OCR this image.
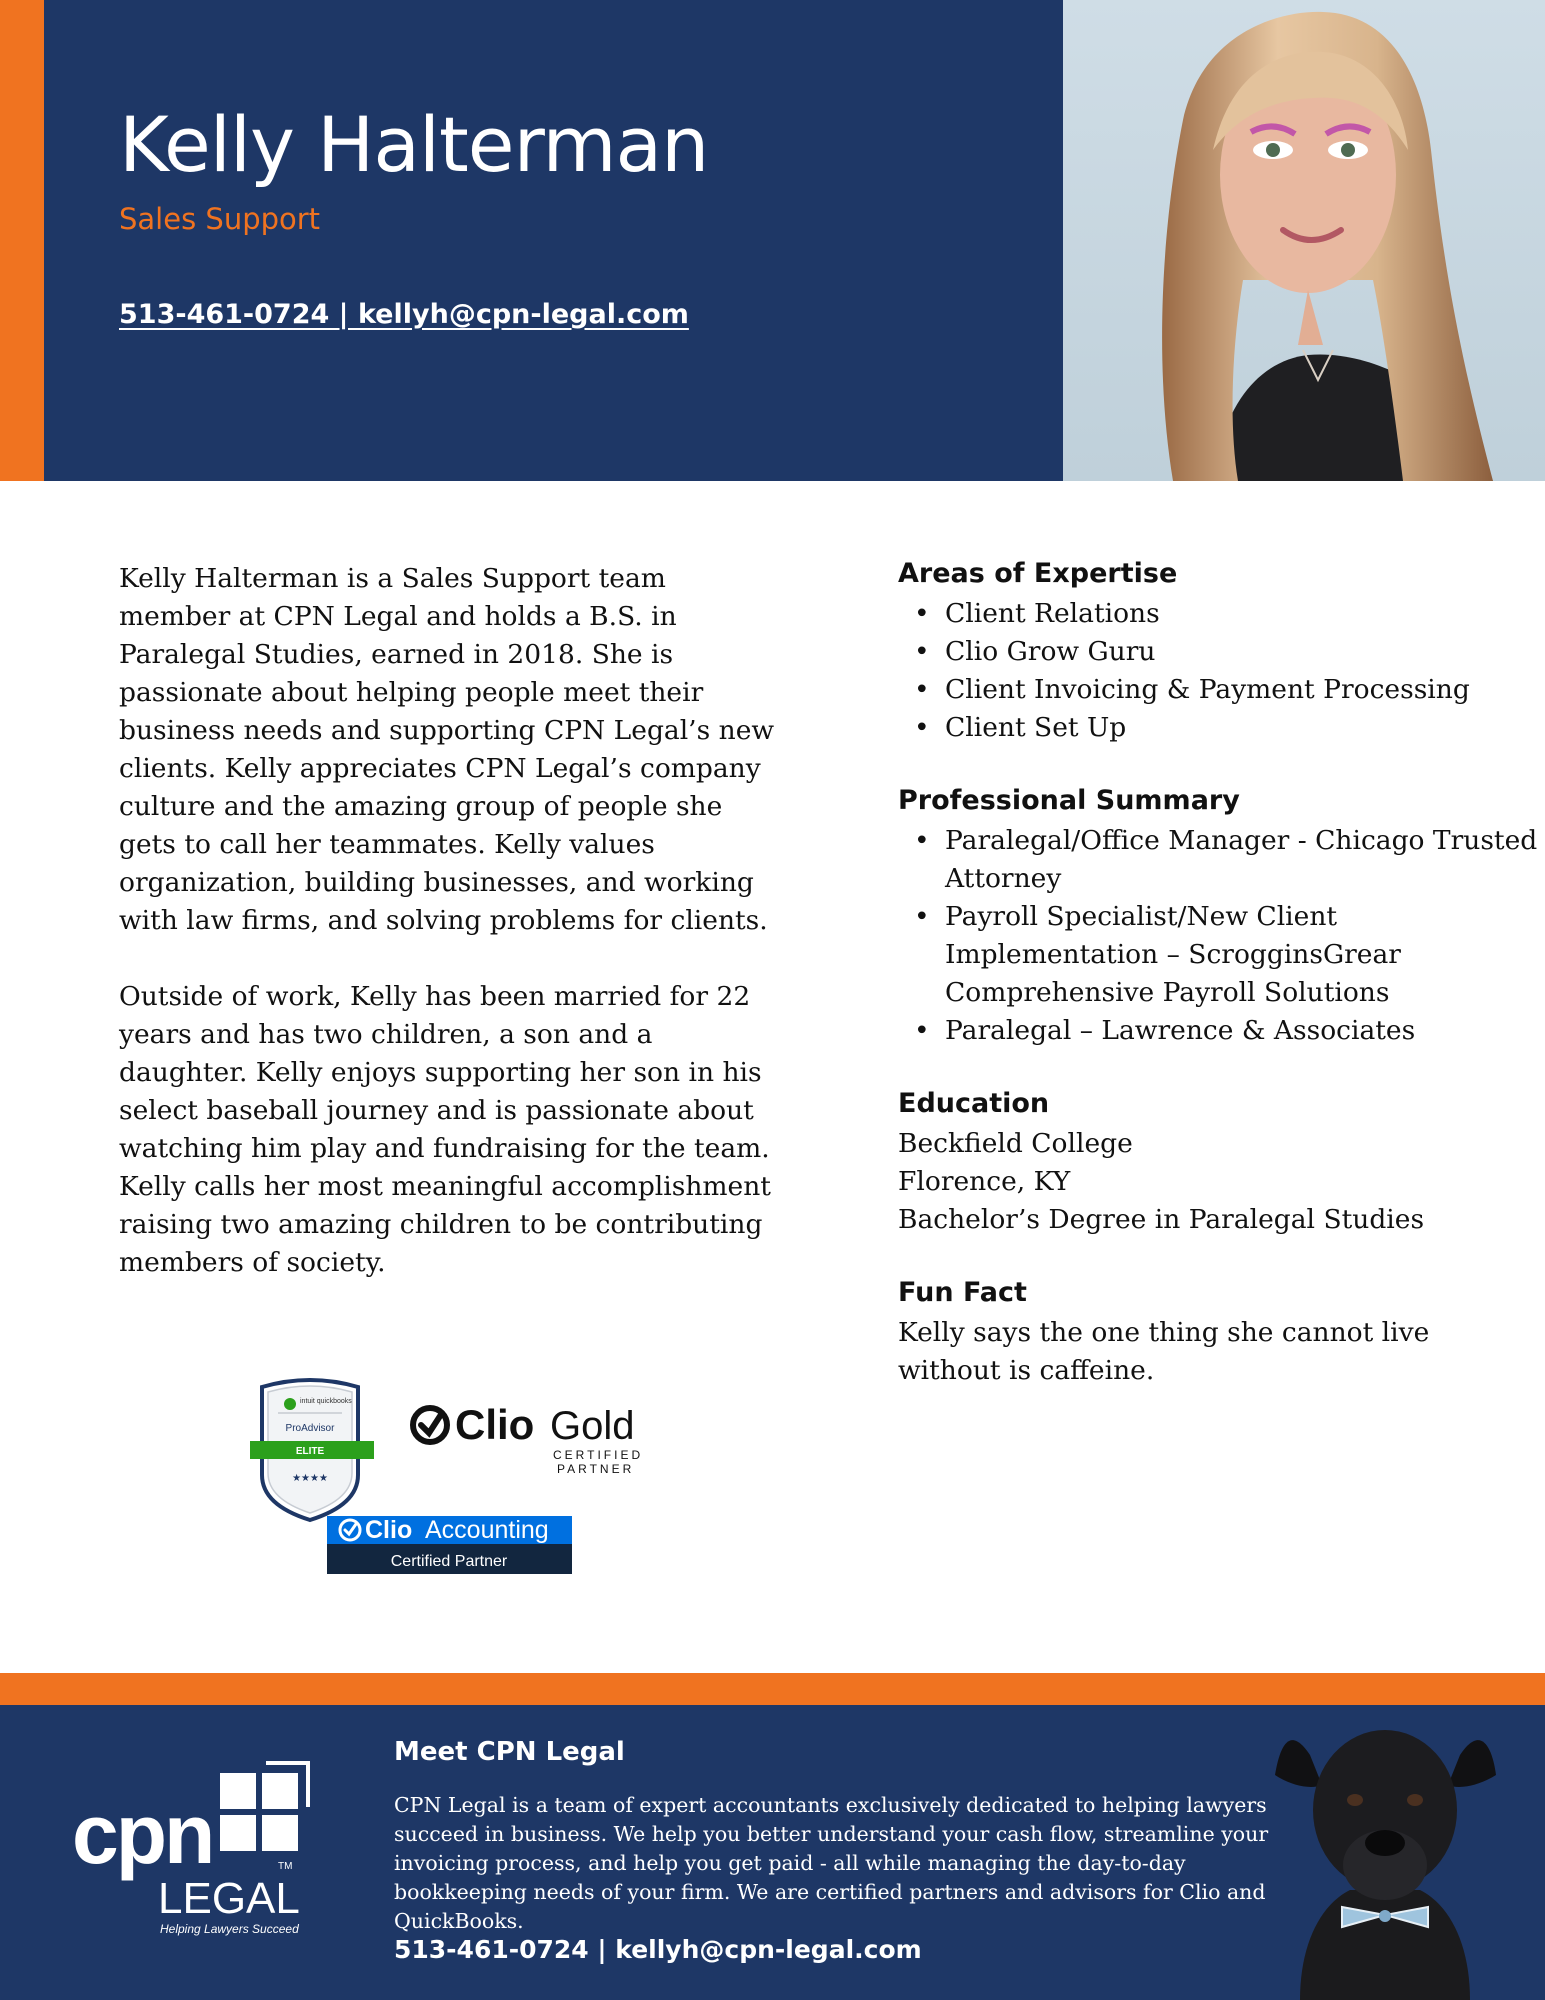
Kelly Halterman
Sales Support
513-461-0724 | kellyh@cpn-legal.com

Kelly Halterman is a Sales Support team member at CPN Legal and holds a B.S. in Paralegal Studies, earned in 2018. She is passionate about helping people meet their business needs and supporting CPN Legal’s new clients. Kelly appreciates CPN Legal’s company culture and the amazing group of people she gets to call her teammates. Kelly values organization, building businesses, and working with law firms, and solving problems for clients.

Outside of work, Kelly has been married for 22 years and has two children, a son and a daughter. Kelly enjoys supporting her son in his select baseball journey and is passionate about watching him play and fundraising for the team. Kelly calls her most meaningful accomplishment raising two amazing children to be contributing members of society.

Areas of Expertise
• Client Relations
• Clio Grow Guru
• Client Invoicing & Payment Processing
• Client Set Up
Professional Summary
• Paralegal/Office Manager - Chicago Trusted Attorney
• Payroll Specialist/New Client Implementation – ScrogginsGrear Comprehensive Payroll Solutions
• Paralegal – Lawrence & Associates
Education
Beckfield College
Florence, KY
Bachelor’s Degree in Paralegal Studies
Fun Fact
Kelly says the one thing she cannot live without is caffeine.
intuit quickbooks
ProAdvisor
ELITE
★★★★
Clio Gold
CERTIFIED
PARTNER
Clio Accounting
Certified Partner
cpn	TM
LEGAL
Helping Lawyers Succeed
Meet CPN Legal
CPN Legal is a team of expert accountants exclusively dedicated to helping lawyers succeed in business. We help you better understand your cash flow, streamline your invoicing process, and help you get paid - all while managing the day-to-day bookkeeping needs of your firm. We are certified partners and advisors for Clio and QuickBooks.
513-461-0724 | kellyh@cpn-legal.com
